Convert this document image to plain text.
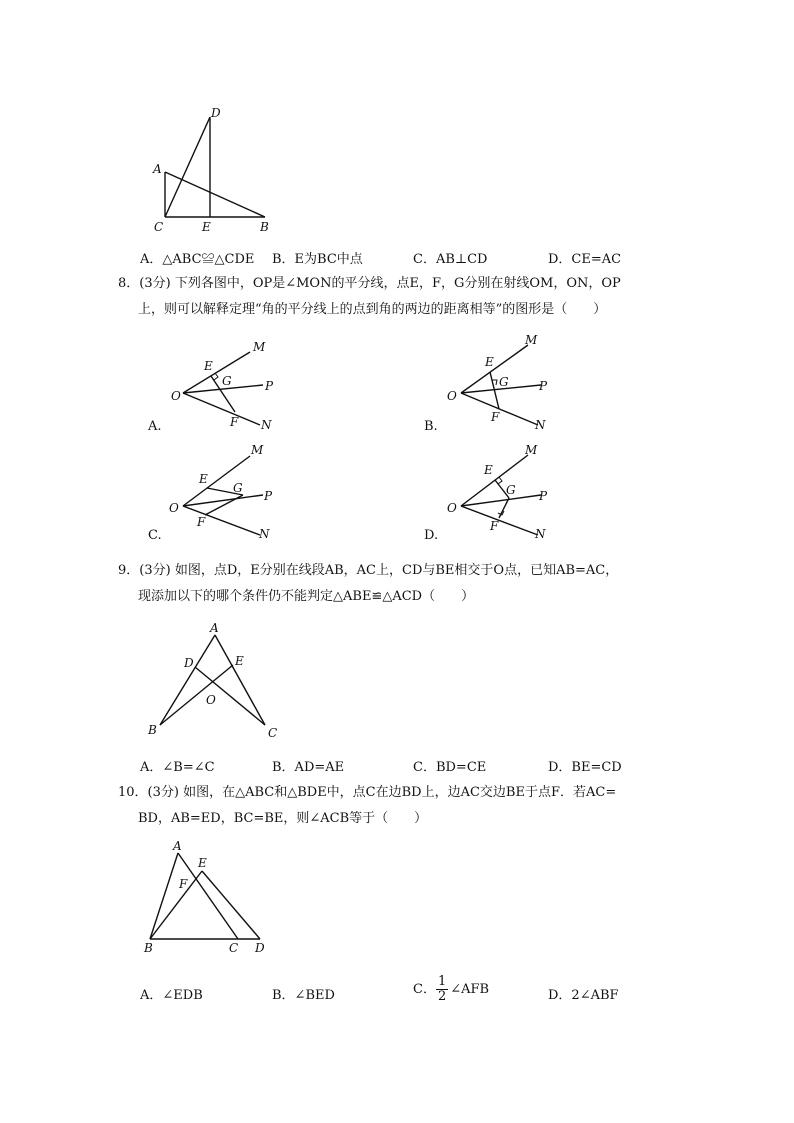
D
A
C	E	B
A．△ABC≌△CDE B．E为BC中点	C．AB⊥CD	D．CE=AC

8．(3分) 下列各图中，OP是∠MON的平分线，点E，F，G分别在射线OM，ON，OP

上，则可以解释定理“角的平分线上的点到角的两边的距离相等”的图形是（　　）

M
N
P
O
E
F
G
A.
M
N
P
O
E
F
G
B.
M
N
P
O
E
F
G
C.
M
N
P
O
E
F
G
D.

9．(3分) 如图，点D，E分别在线段AB，AC上，CD与BE相交于O点，已知AB=AC，

现添加以下的哪个条件仍不能判定△ABE≌△ACD（　　）

A
B	C
D	E
O
A．∠B=∠C	B．AD=AE	C．BD=CE	D．BE=CD

10．(3分) 如图，在△ABC和△BDE中，点C在边BD上，边AC交边BE于点F．若AC=

BD，AB=ED，BC=BE，则∠ACB等于（　　）

A
E
F
B	C D
A．∠EDB	B．∠BED	C． $\frac{1}{2}$ ∠AFB	D．2∠ABF
